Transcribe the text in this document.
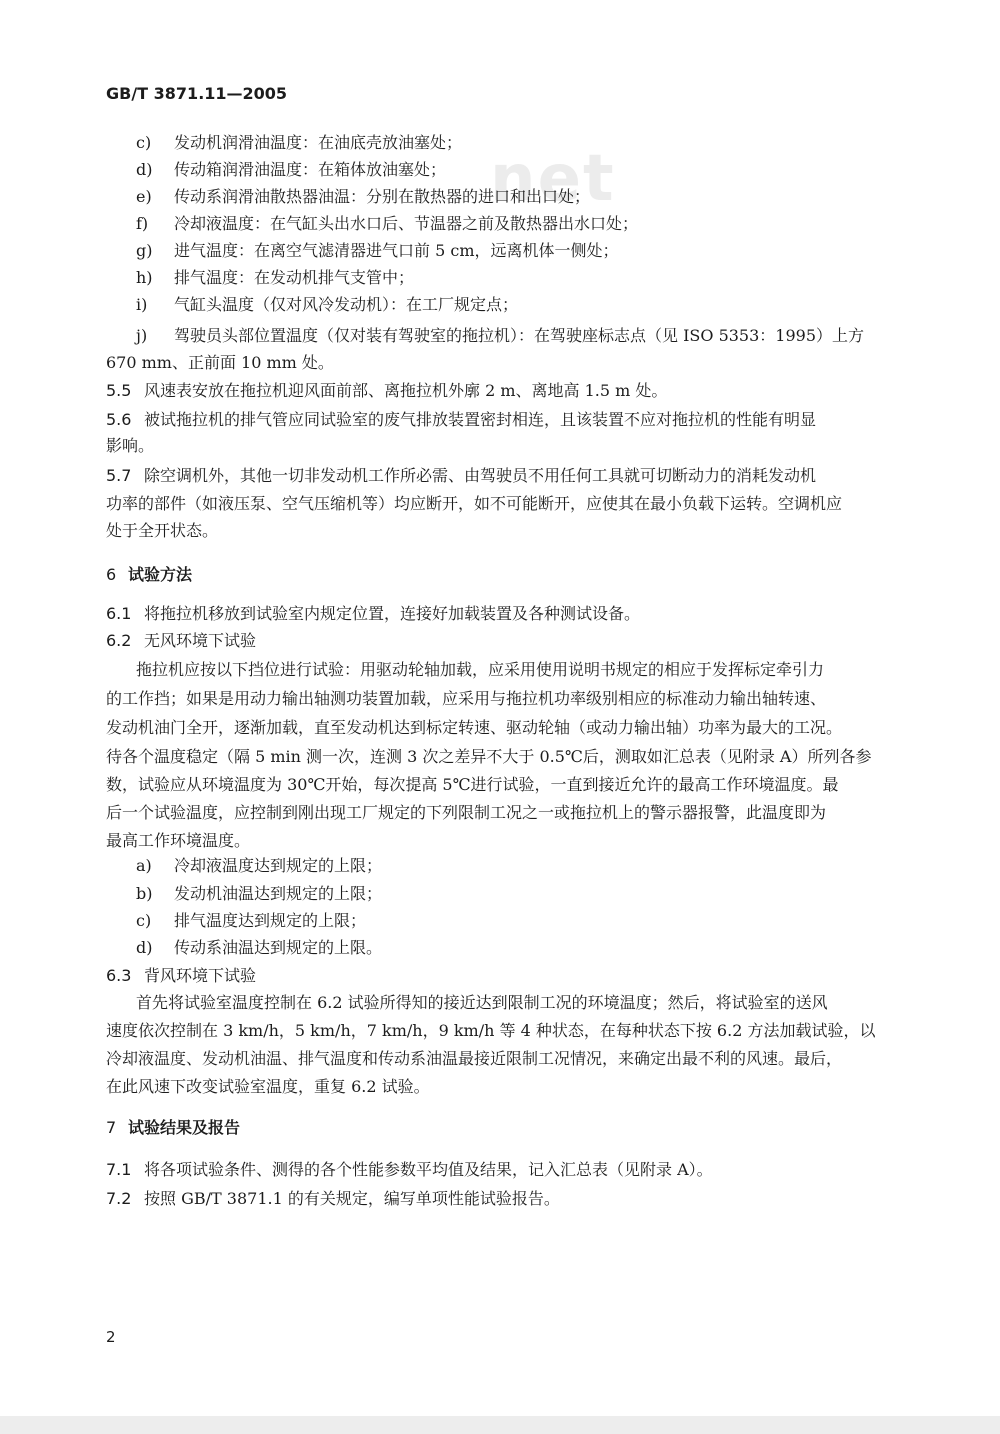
net
GB/T 3871.11—2005
c) 发动机润滑油温度：在油底壳放油塞处；
d) 传动箱润滑油温度：在箱体放油塞处；
e) 传动系润滑油散热器油温：分别在散热器的进口和出口处；
f) 冷却液温度：在气缸头出水口后、节温器之前及散热器出水口处；
g) 进气温度：在离空气滤清器进气口前 5 cm，远离机体一侧处；
h) 排气温度：在发动机排气支管中；
i) 气缸头温度（仅对风冷发动机）：在工厂规定点；
j) 驾驶员头部位置温度（仅对装有驾驶室的拖拉机）：在驾驶座标志点（见 ISO 5353：1995）上方
670 mm、正前面 10 mm 处。
5.5 风速表安放在拖拉机迎风面前部、离拖拉机外廓 2 m、离地高 1.5 m 处。
5.6 被试拖拉机的排气管应同试验室的废气排放装置密封相连，且该装置不应对拖拉机的性能有明显
影响。
5.7 除空调机外，其他一切非发动机工作所必需、由驾驶员不用任何工具就可切断动力的消耗发动机
功率的部件（如液压泵、空气压缩机等）均应断开，如不可能断开，应使其在最小负载下运转。空调机应
处于全开状态。
6 试验方法
6.1 将拖拉机移放到试验室内规定位置，连接好加载装置及各种测试设备。
6.2 无风环境下试验
拖拉机应按以下挡位进行试验：用驱动轮轴加载，应采用使用说明书规定的相应于发挥标定牵引力
的工作挡；如果是用动力输出轴测功装置加载，应采用与拖拉机功率级别相应的标准动力输出轴转速、
发动机油门全开，逐渐加载，直至发动机达到标定转速、驱动轮轴（或动力输出轴）功率为最大的工况。
待各个温度稳定（隔 5 min 测一次，连测 3 次之差异不大于 0.5℃后，测取如汇总表（见附录 A）所列各参
数，试验应从环境温度为 30℃开始，每次提高 5℃进行试验，一直到接近允许的最高工作环境温度。最
后一个试验温度，应控制到刚出现工厂规定的下列限制工况之一或拖拉机上的警示器报警，此温度即为
最高工作环境温度。
a) 冷却液温度达到规定的上限；
b) 发动机油温达到规定的上限；
c) 排气温度达到规定的上限；
d) 传动系油温达到规定的上限。
6.3 背风环境下试验
首先将试验室温度控制在 6.2 试验所得知的接近达到限制工况的环境温度；然后，将试验室的送风
速度依次控制在 3 km/h，5 km/h，7 km/h，9 km/h 等 4 种状态，在每种状态下按 6.2 方法加载试验，以
冷却液温度、发动机油温、排气温度和传动系油温最接近限制工况情况，来确定出最不利的风速。最后，
在此风速下改变试验室温度，重复 6.2 试验。
7 试验结果及报告
7.1 将各项试验条件、测得的各个性能参数平均值及结果，记入汇总表（见附录 A）。
7.2 按照 GB/T 3871.1 的有关规定，编写单项性能试验报告。
2
